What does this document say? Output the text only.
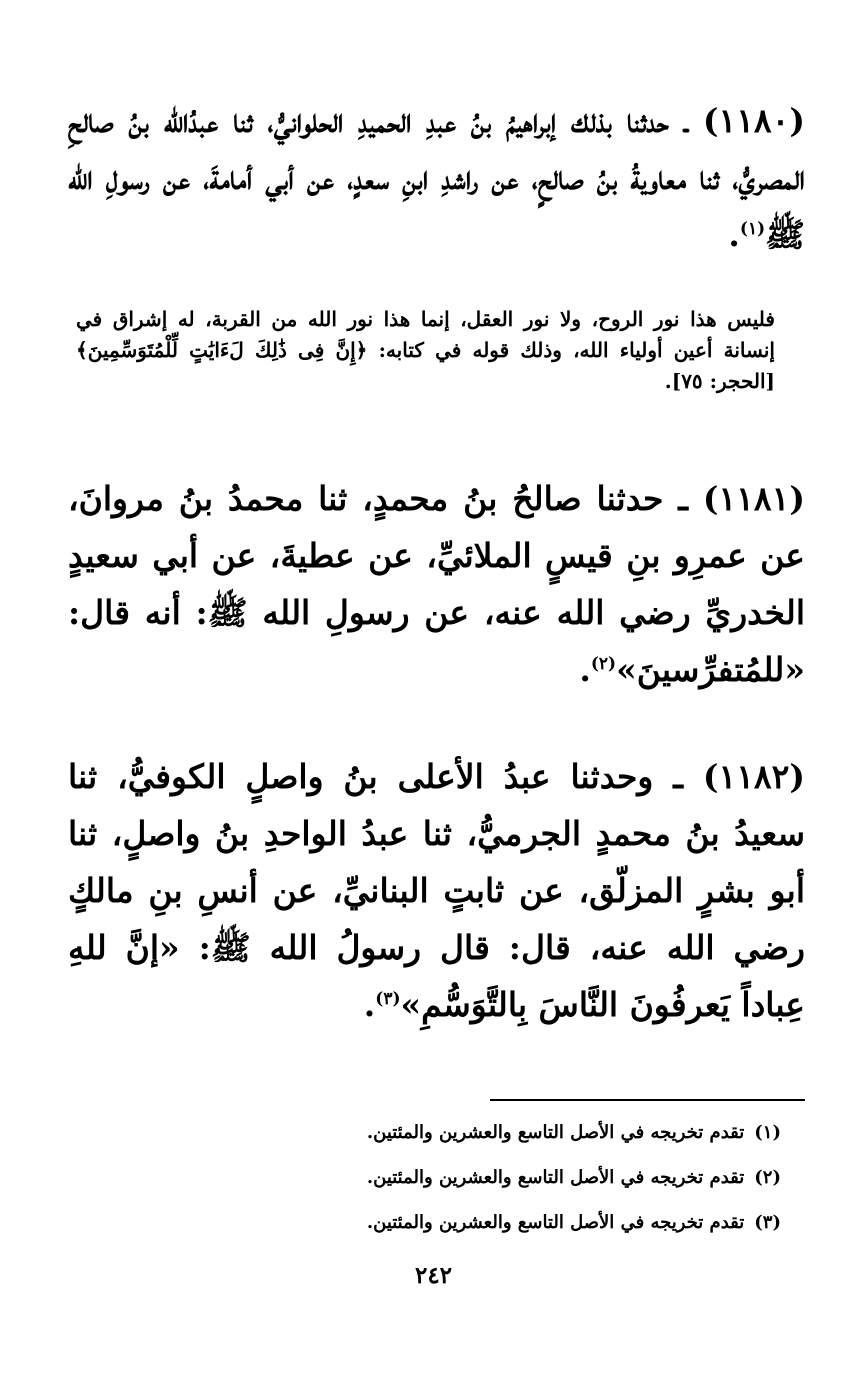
(١١٨٠) ـ حدثنا بذلك إبراهيمُ بنُ عبدِ الحميدِ الحلوانيُّ، ثنا عبدُالله بنُ صالحِ المصريُّ، ثنا معاويةُ بنُ صالحٍ، عن راشدِ ابنِ سعدٍ، عن أبي أمامةَ، عن رسولِ الله ﷺ$^{(١)}$.
فليس هذا نور الروح، ولا نور العقل، إنما هذا نور الله من القربة، له إشراق في إنسانة أعين أولياء الله، وذلك قوله في كتابه: ﴿إِنَّ فِى ذَٰلِكَ لَءَايَٰتٍ لِّلْمُتَوَسِّمِينَ﴾ [الحجر: ٧٥].
(١١٨١) ـ حدثنا صالحُ بنُ محمدٍ، ثنا محمدُ بنُ مروانَ، عن عمرِو بنِ قيسٍ الملائيِّ، عن عطيةَ، عن أبي سعيدٍ الخدريِّ رضي الله عنه، عن رسولِ الله ﷺ: أنه قال: «للمُتفرِّسينَ»$^{(٢)}$.
(١١٨٢) ـ وحدثنا عبدُ الأعلى بنُ واصلٍ الكوفيُّ، ثنا سعيدُ بنُ محمدٍ الجرميُّ، ثنا عبدُ الواحدِ بنُ واصلٍ، ثنا أبو بشرٍ المزلّق، عن ثابتٍ البنانيِّ، عن أنسِ بنِ مالكٍ رضي الله عنه، قال: قال رسولُ الله ﷺ: «إنَّ للهِ عِباداً يَعرفُونَ النَّاسَ بِالتَّوَسُّمِ»$^{(٣)}$.
(١)تقدم تخريجه في الأصل التاسع والعشرين والمئتين.
(٢)تقدم تخريجه في الأصل التاسع والعشرين والمئتين.
(٣)تقدم تخريجه في الأصل التاسع والعشرين والمئتين.
٢٤٢
